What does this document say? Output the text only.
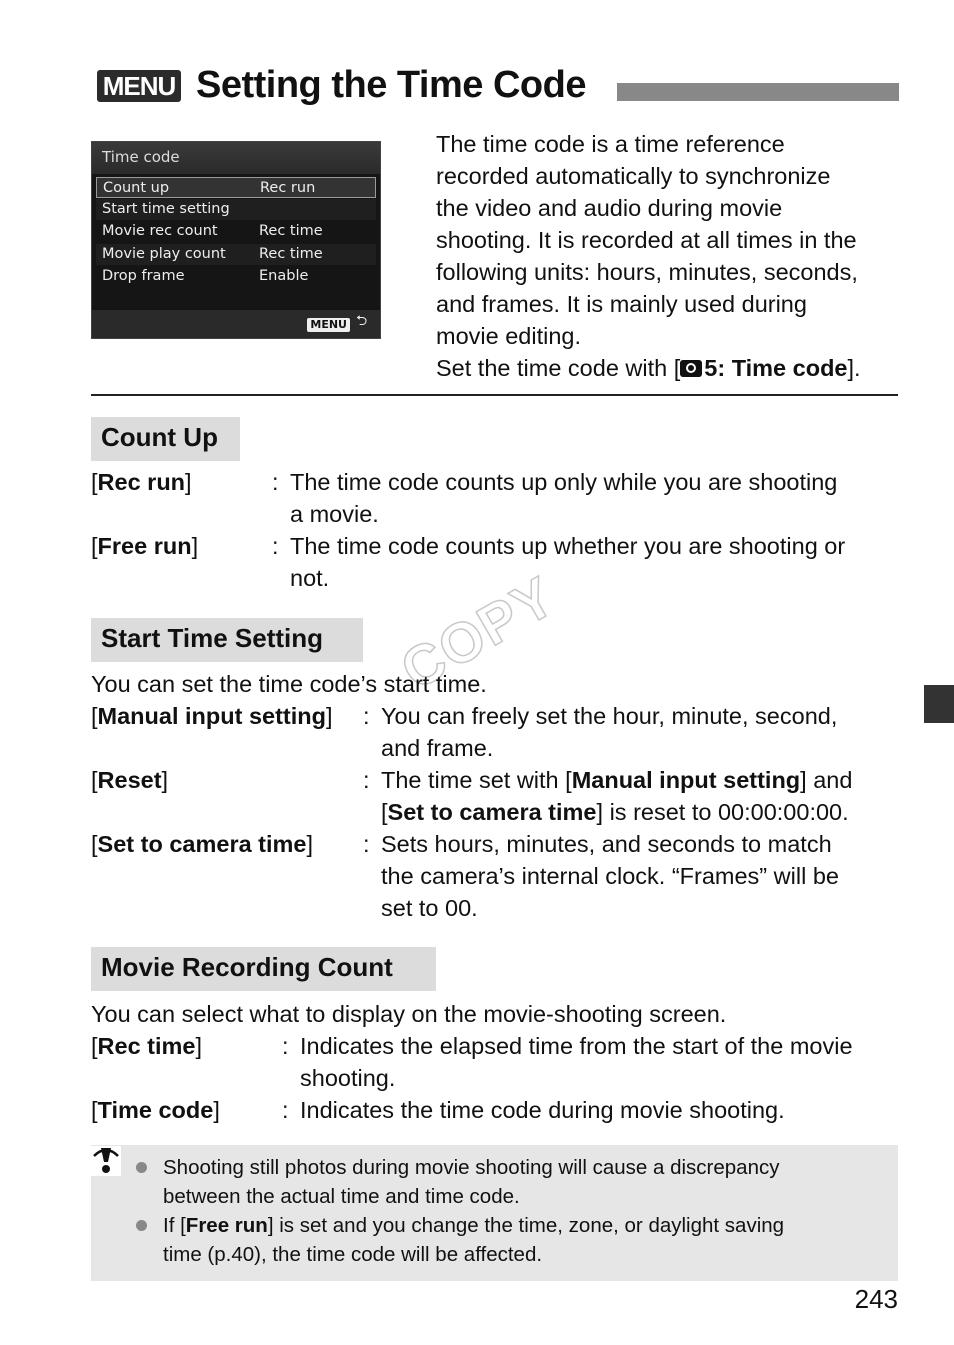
MENU Setting the Time Code
Time code
Count up	Rec run
Start time setting
Movie rec count	Rec time
Movie play count Rec time
Drop frame	Enable
MENU ⮌

The time code is a time reference

recorded automatically to synchronize

the video and audio during movie

shooting. It is recorded at all times in the

following units: hours, minutes, seconds,

and frames. It is mainly used during

movie editing.

Set the time code with [ 5: Time code].

Count Up
[Rec run]	: The time code counts up only while you are shooting
a movie.
[Free run]	: The time code counts up whether you are shooting or
not.
Start Time Setting	COPY
You can set the time code’s start time.
[Manual input setting] : You can freely set the hour, minute, second,
and frame.
[Reset]	: The time set with [Manual input setting] and
[Set to camera time] is reset to 00:00:00:00.
[Set to camera time] : Sets hours, minutes, and seconds to match
the camera’s internal clock. “Frames” will be
set to 00.
Movie Recording Count
You can select what to display on the movie-shooting screen.
[Rec time]	: Indicates the elapsed time from the start of the movie
shooting.
[Time code]	: Indicates the time code during movie shooting.
Shooting still photos during movie shooting will cause a discrepancy
between the actual time and time code.
If [Free run] is set and you change the time, zone, or daylight saving
time (p.40), the time code will be affected.
243
